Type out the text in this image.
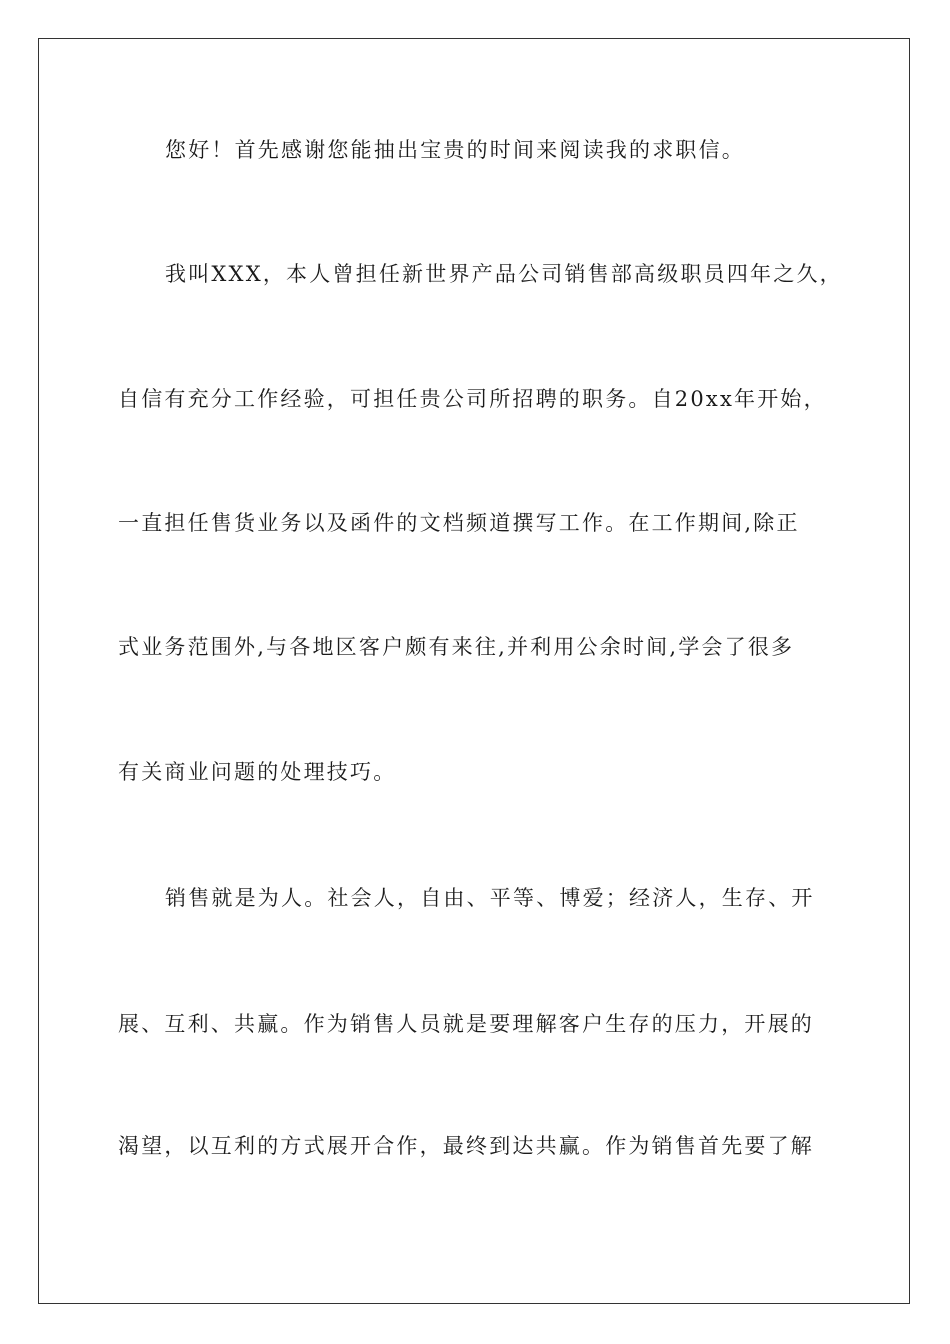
您好！首先感谢您能抽出宝贵的时间来阅读我的求职信。
我叫XXX，本人曾担任新世界产品公司销售部高级职员四年之久，
自信有充分工作经验，可担任贵公司所招聘的职务。自20xx年开始，
一直担任售货业务以及函件的文档频道撰写工作。在工作期间,除正
式业务范围外,与各地区客户颇有来往,并利用公余时间,学会了很多
有关商业问题的处理技巧。
销售就是为人。社会人，自由、平等、博爱；经济人，生存、开
展、互利、共赢。作为销售人员就是要理解客户生存的压力，开展的
渴望，以互利的方式展开合作，最终到达共赢。作为销售首先要了解
